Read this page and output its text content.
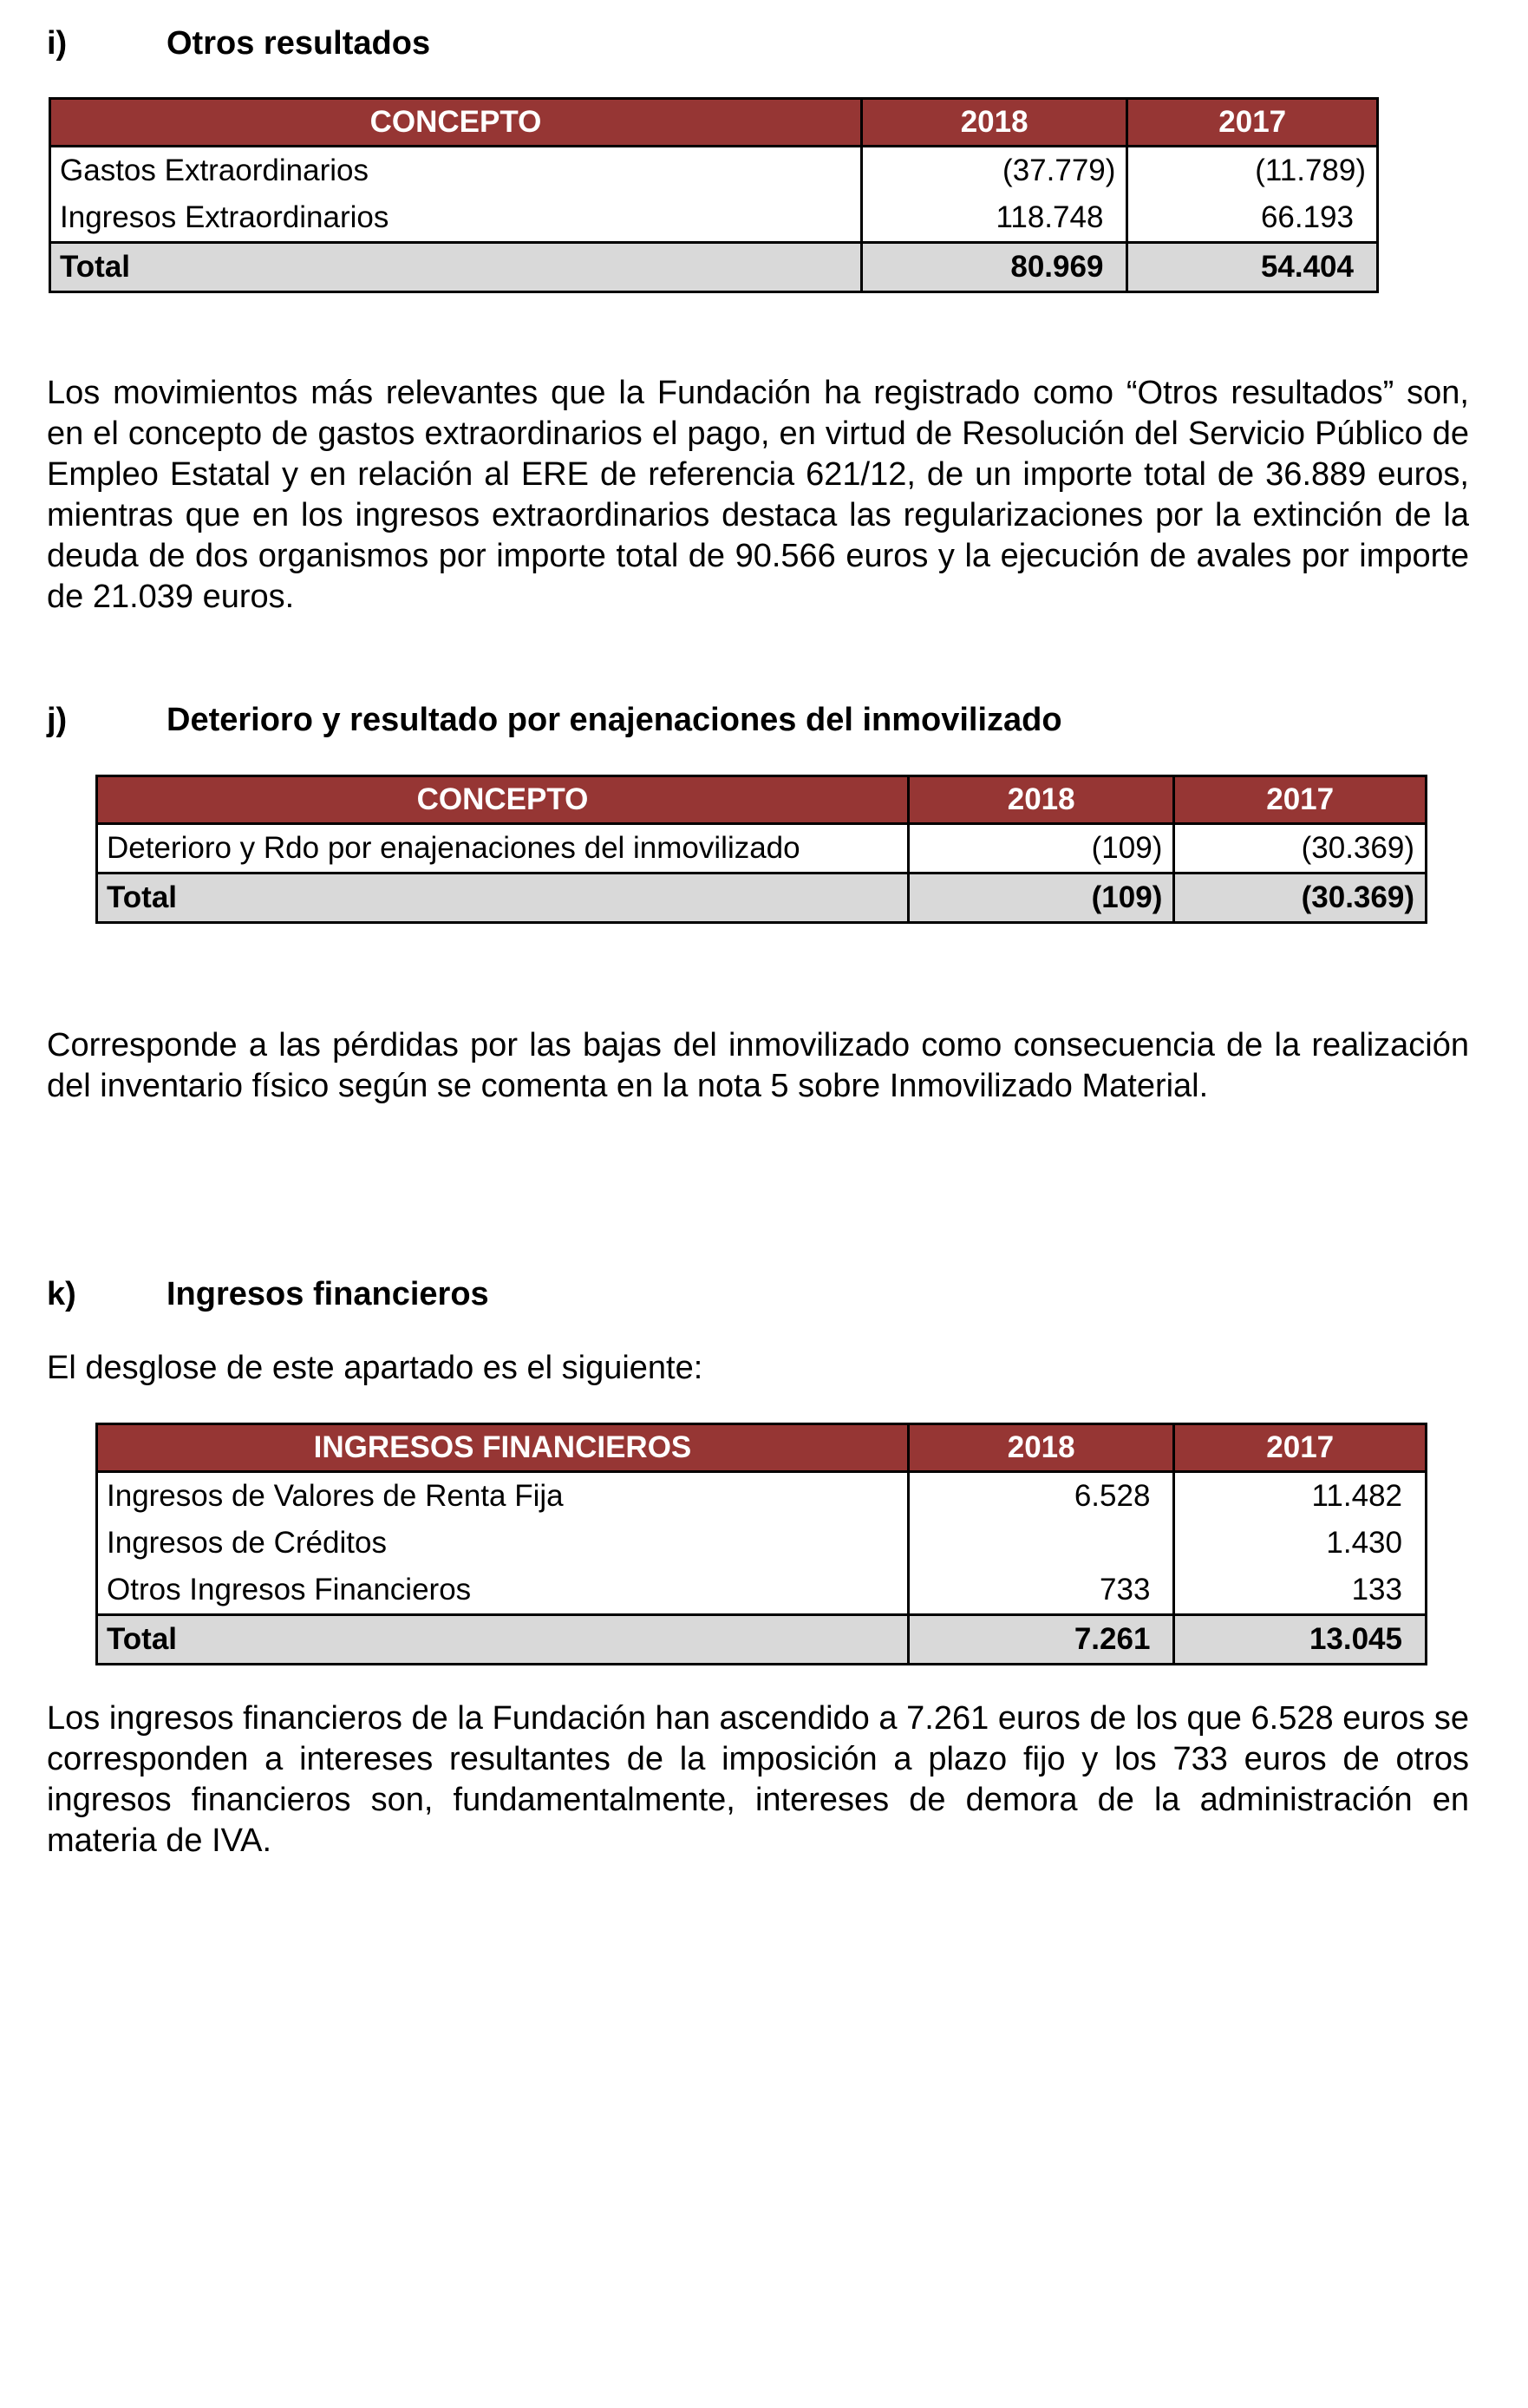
i)	Otros resultados
CONCEPTO	2018	2017
Gastos Extraordinarios	(37.779)	(11.789)
Ingresos Extraordinarios	118.748	66.193
Total	80.969	54.404
Los movimientos más relevantes que la Fundación ha registrado como “Otros resultados” son, en el concepto de gastos extraordinarios el pago, en virtud de Resolución del Servicio Público de Empleo Estatal y en relación al ERE de referencia 621/12, de un importe total de 36.889 euros, mientras que en los ingresos extraordinarios destaca las regularizaciones por la extinción de la deuda de dos organismos por importe total de 90.566 euros y la ejecución de avales por importe de 21.039 euros.
j)	Deterioro y resultado por enajenaciones del inmovilizado
CONCEPTO	2018	2017
Deterioro y Rdo por enajenaciones del inmovilizado	(109)	(30.369)
Total	(109)	(30.369)
Corresponde a las pérdidas por las bajas del inmovilizado como consecuencia de la realización del inventario físico según se comenta en la nota 5 sobre Inmovilizado Material.
k)	Ingresos financieros
El desglose de este apartado es el siguiente:
INGRESOS FINANCIEROS	2018	2017
Ingresos de Valores de Renta Fija	6.528	11.482
Ingresos de Créditos		1.430
Otros Ingresos Financieros	733	133
Total	7.261	13.045
Los ingresos financieros de la Fundación han ascendido a 7.261 euros de los que 6.528 euros se corresponden a intereses resultantes de la imposición a plazo fijo y los 733 euros de otros ingresos financieros son, fundamentalmente, intereses de demora de la administración en materia de IVA.
